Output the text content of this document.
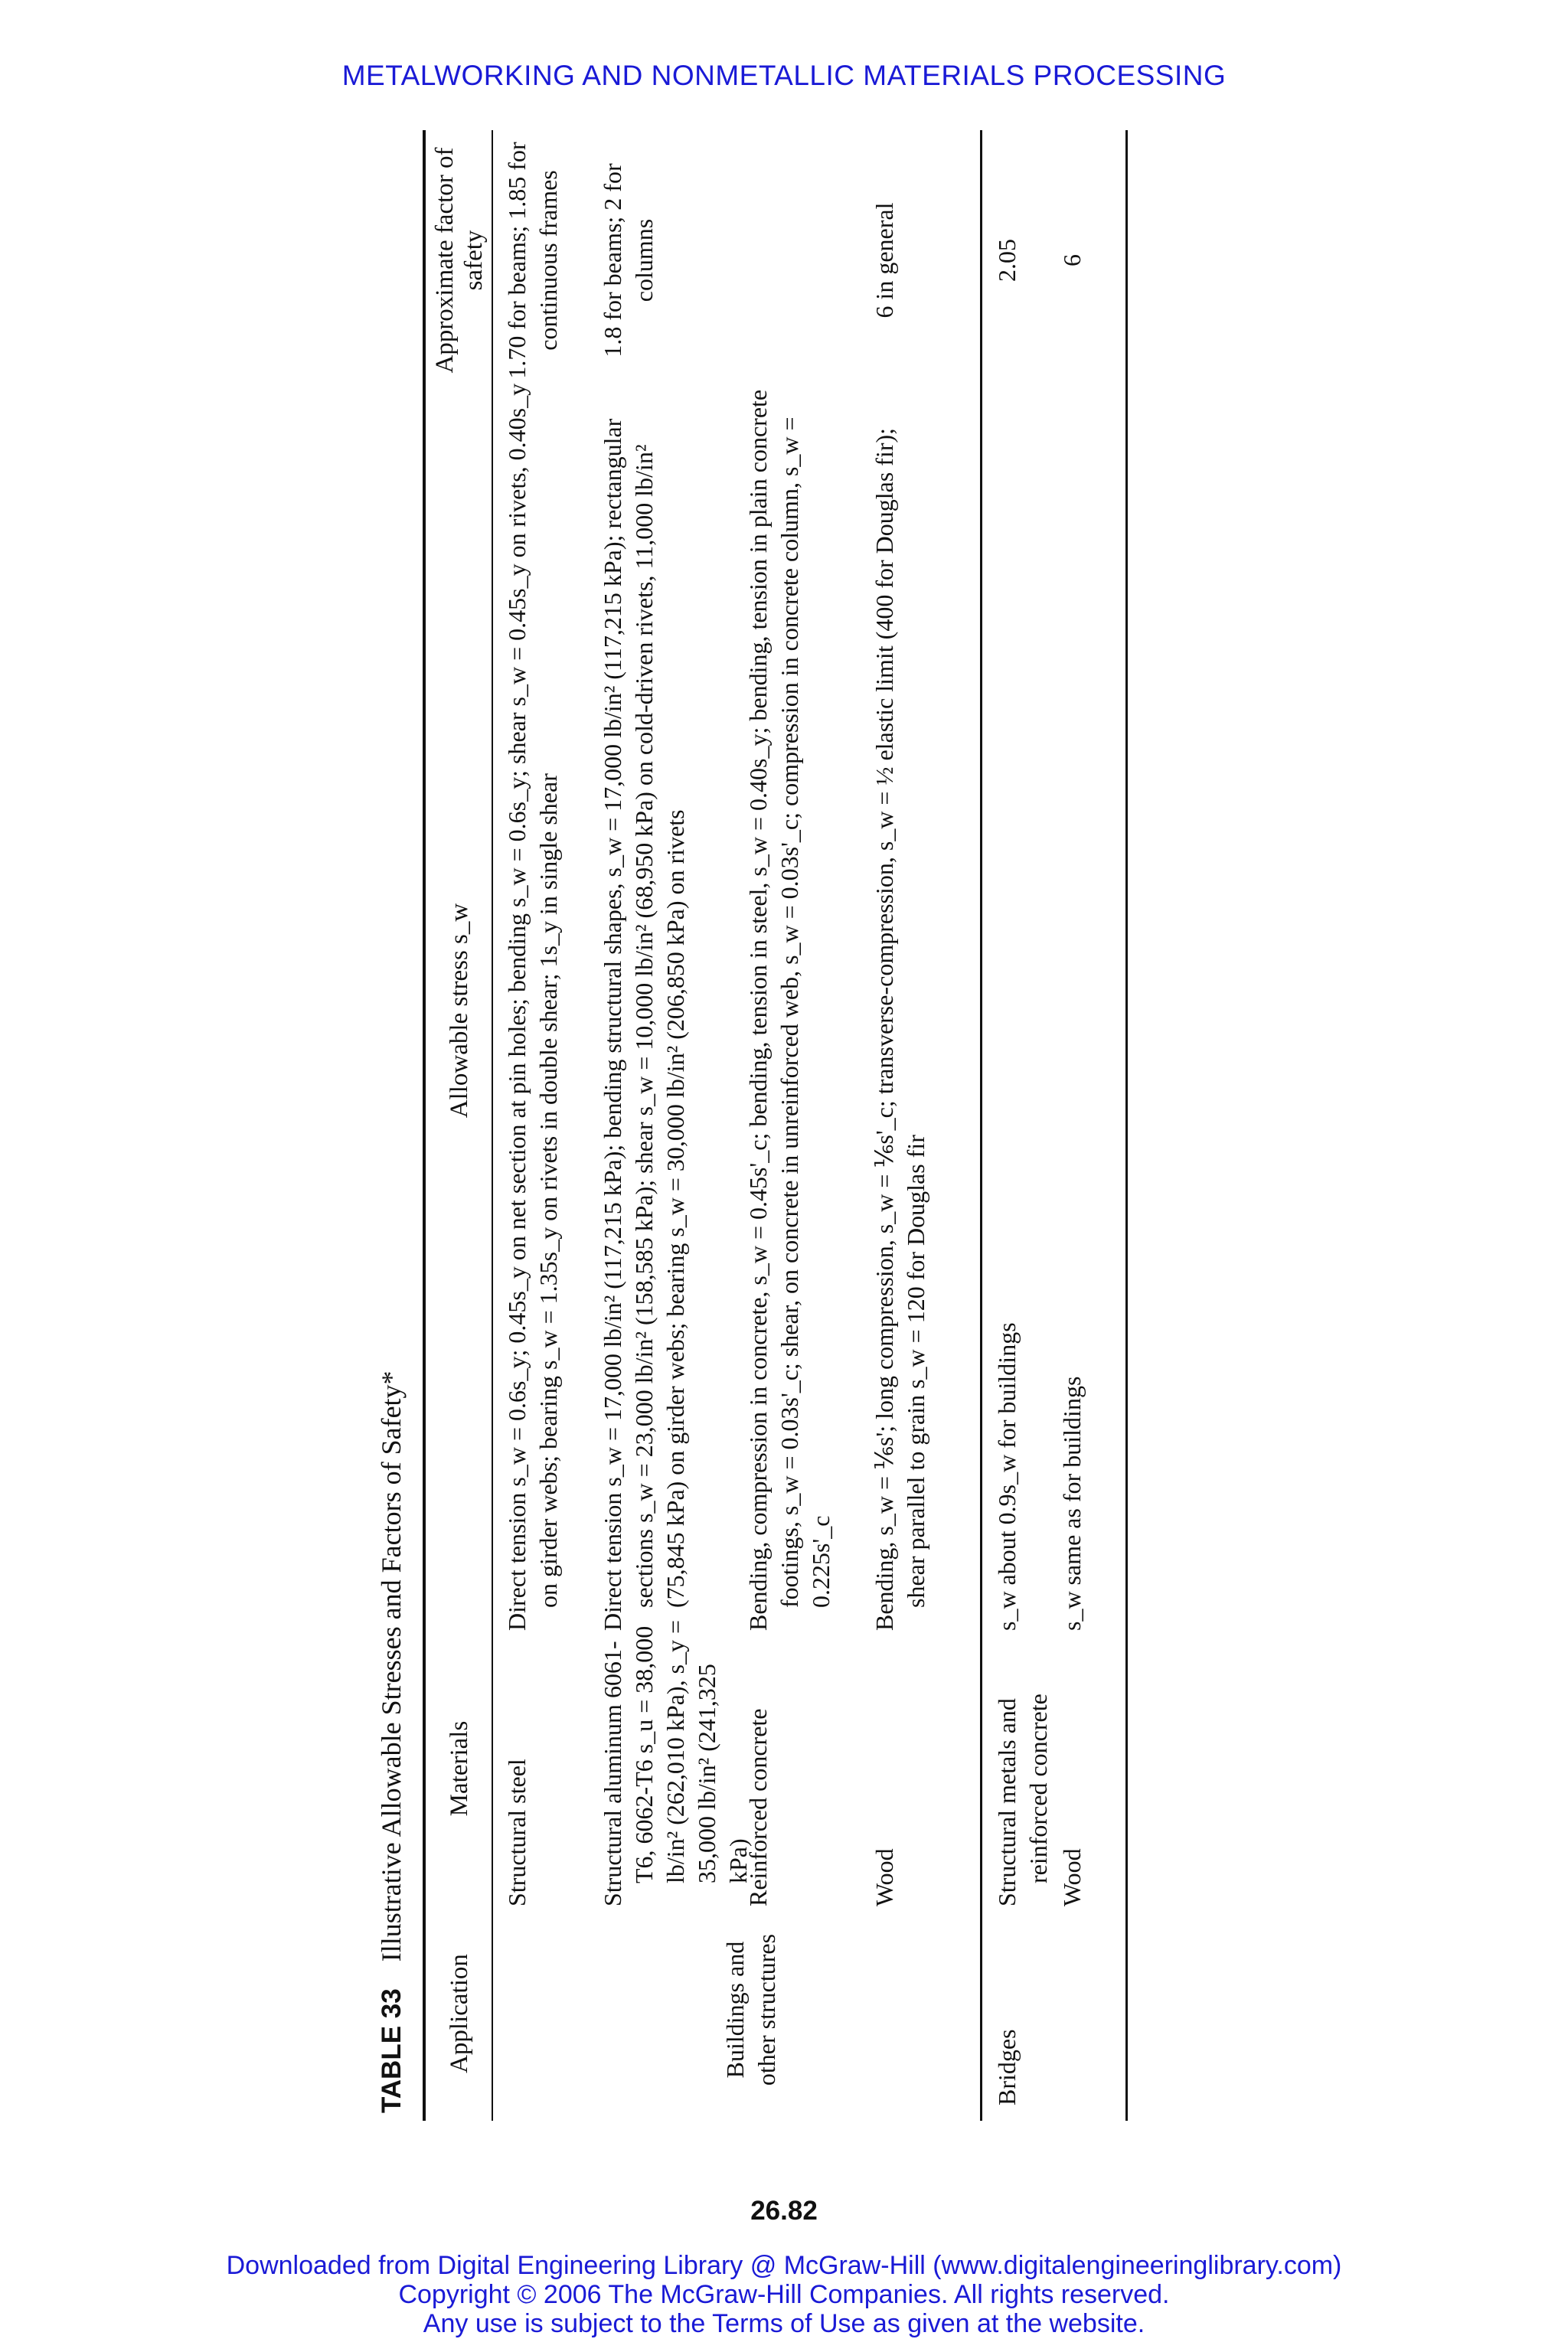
METALWORKING AND NONMETALLIC MATERIALS PROCESSING
TABLE 33 Illustrative Allowable Stresses and Factors of Safety*
Application
Materials
Allowable stress s_w
Approximate factor of safety
Structural steel
Direct tension s_w = 0.6s_y; 0.45s_y on net section at pin holes; bending s_w = 0.6s_y; shear s_w = 0.45s_y on rivets, 0.40s_y on girder webs; bearing s_w = 1.35s_y on rivets in double shear; 1s_y in single shear
1.70 for beams; 1.85 for continuous frames
Structural aluminum 6061-T6, 6062-T6 s_u = 38,000 lb/in² (262,010 kPa), s_y = 35,000 lb/in² (241,325 kPa)
Direct tension s_w = 17,000 lb/in² (117,215 kPa); bending structural shapes, s_w = 17,000 lb/in² (117,215 kPa); rectangular sections s_w = 23,000 lb/in² (158,585 kPa); shear s_w = 10,000 lb/in² (68,950 kPa) on cold-driven rivets, 11,000 lb/in² (75,845 kPa) on girder webs; bearing s_w = 30,000 lb/in² (206,850 kPa) on rivets
1.8 for beams; 2 for columns
Buildings and other structures
Reinforced concrete
Bending, compression in concrete, s_w = 0.45s'_c; bending, tension in steel, s_w = 0.40s_y; bending, tension in plain concrete footings, s_w = 0.03s'_c; shear, on concrete in unreinforced web, s_w = 0.03s'_c; compression in concrete column, s_w = 0.225s'_c
Wood
Bending, s_w = ⅙s'; long compression, s_w = ⅙s'_c; transverse-compression, s_w = ½ elastic limit (400 for Douglas fir); shear parallel to grain s_w = 120 for Douglas fir
6 in general
Bridges
Structural metals and reinforced concrete
s_w about 0.9s_w for buildings
2.05
Wood
s_w same as for buildings
6
26.82
Downloaded from Digital Engineering Library @ McGraw-Hill (www.digitalengineeringlibrary.com)
Copyright © 2006 The McGraw-Hill Companies. All rights reserved.
Any use is subject to the Terms of Use as given at the website.
